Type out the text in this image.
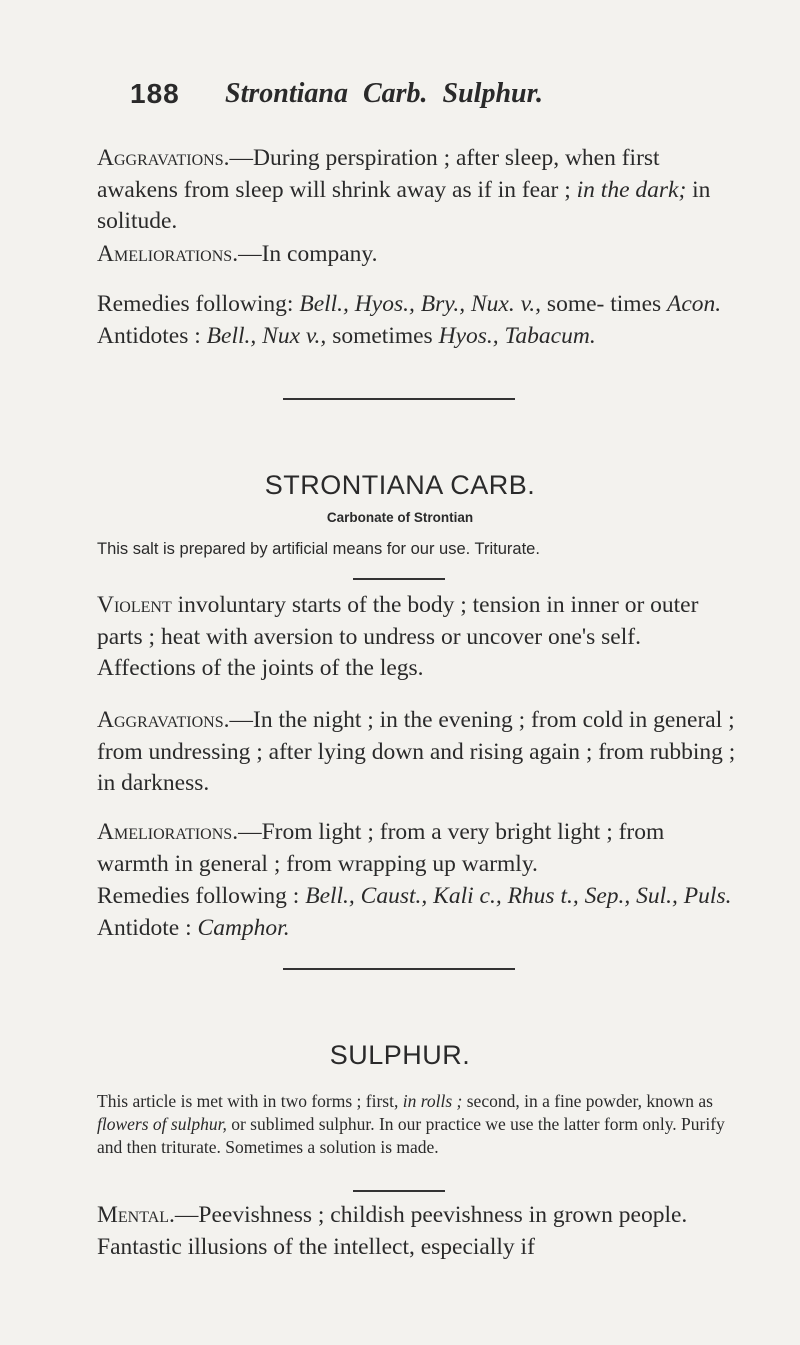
188 Strontiana Carb. Sulphur.

Aggravations.—During perspiration ; after sleep, when first awakens from sleep will shrink away as if in fear ; in the dark; in solitude.

Ameliorations.—In company.

Remedies following: Bell., Hyos., Bry., Nux. v., some- times Acon. Antidotes : Bell., Nux v., sometimes Hyos., Tabacum.

STRONTIANA CARB.
Carbonate of Strontian

This salt is prepared by artificial means for our use. Triturate.

Violent involuntary starts of the body ; tension in inner or outer parts ; heat with aversion to undress or uncover one's self. Affections of the joints of the legs.

Aggravations.—In the night ; in the evening ; from cold in general ; from undressing ; after lying down and rising again ; from rubbing ; in darkness.

Ameliorations.—From light ; from a very bright light ; from warmth in general ; from wrapping up warmly.

Remedies following : Bell., Caust., Kali c., Rhus t., Sep., Sul., Puls. Antidote : Camphor.

SULPHUR.

This article is met with in two forms ; first, in rolls ; second, in a fine powder, known as flowers of sulphur, or sublimed sulphur. In our practice we use the latter form only. Purify and then triturate. Sometimes a solution is made.

Mental.—Peevishness ; childish peevishness in grown people. Fantastic illusions of the intellect, especially if
